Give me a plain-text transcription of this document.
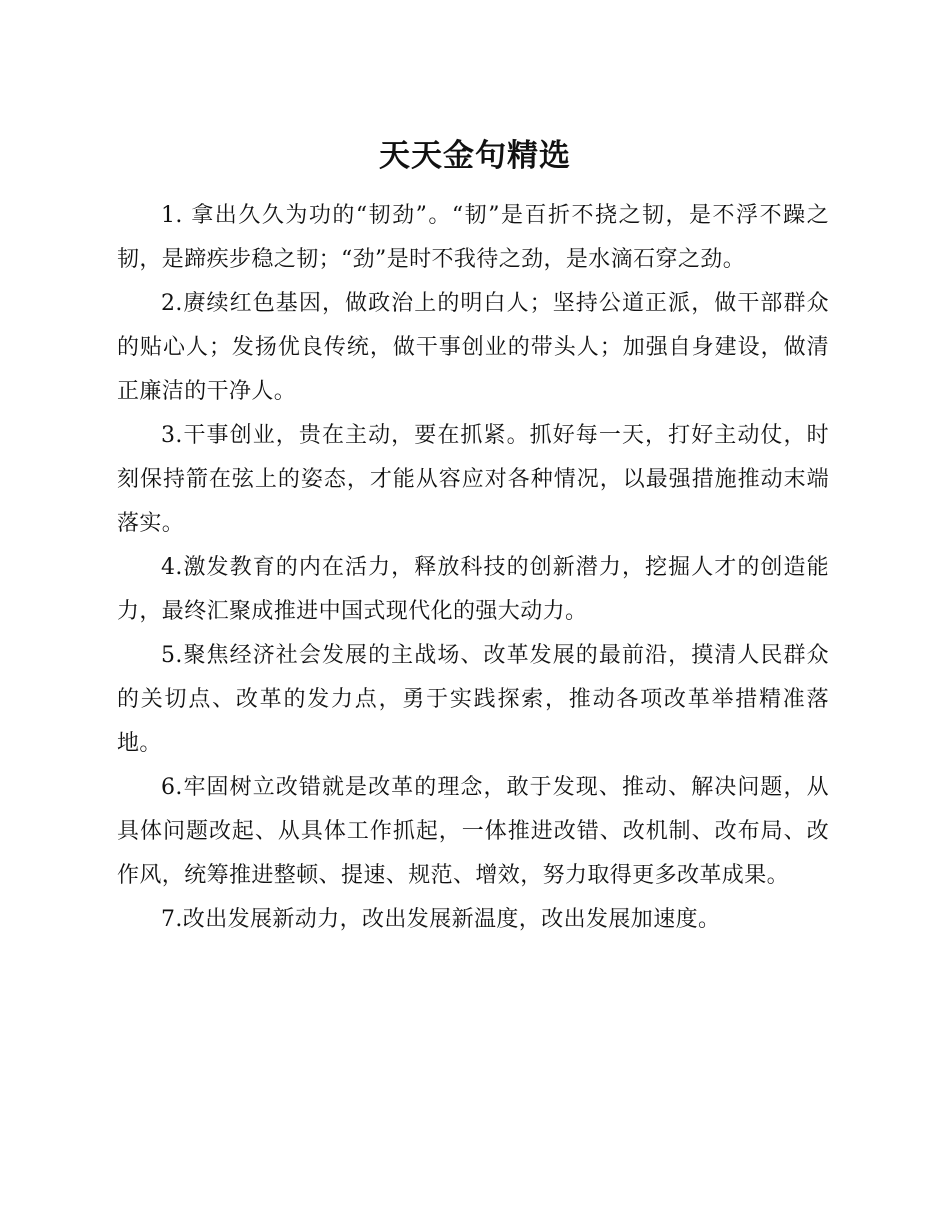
天天金句精选

1. 拿出久久为功的“韧劲”。“韧”是百折不挠之韧，是不浮不躁之韧，是蹄疾步稳之韧；“劲”是时不我待之劲，是水滴石穿之劲。

2.赓续红色基因，做政治上的明白人；坚持公道正派，做干部群众的贴心人；发扬优良传统，做干事创业的带头人；加强自身建设，做清正廉洁的干净人。

3.干事创业，贵在主动，要在抓紧。抓好每一天，打好主动仗，时刻保持箭在弦上的姿态，才能从容应对各种情况，以最强措施推动末端落实。

4.激发教育的内在活力，释放科技的创新潜力，挖掘人才的创造能力，最终汇聚成推进中国式现代化的强大动力。

5.聚焦经济社会发展的主战场、改革发展的最前沿，摸清人民群众的关切点、改革的发力点，勇于实践探索，推动各项改革举措精准落地。

6.牢固树立改错就是改革的理念，敢于发现、推动、解决问题，从具体问题改起、从具体工作抓起，一体推进改错、改机制、改布局、改作风，统筹推进整顿、提速、规范、增效，努力取得更多改革成果。

7.改出发展新动力，改出发展新温度，改出发展加速度。
